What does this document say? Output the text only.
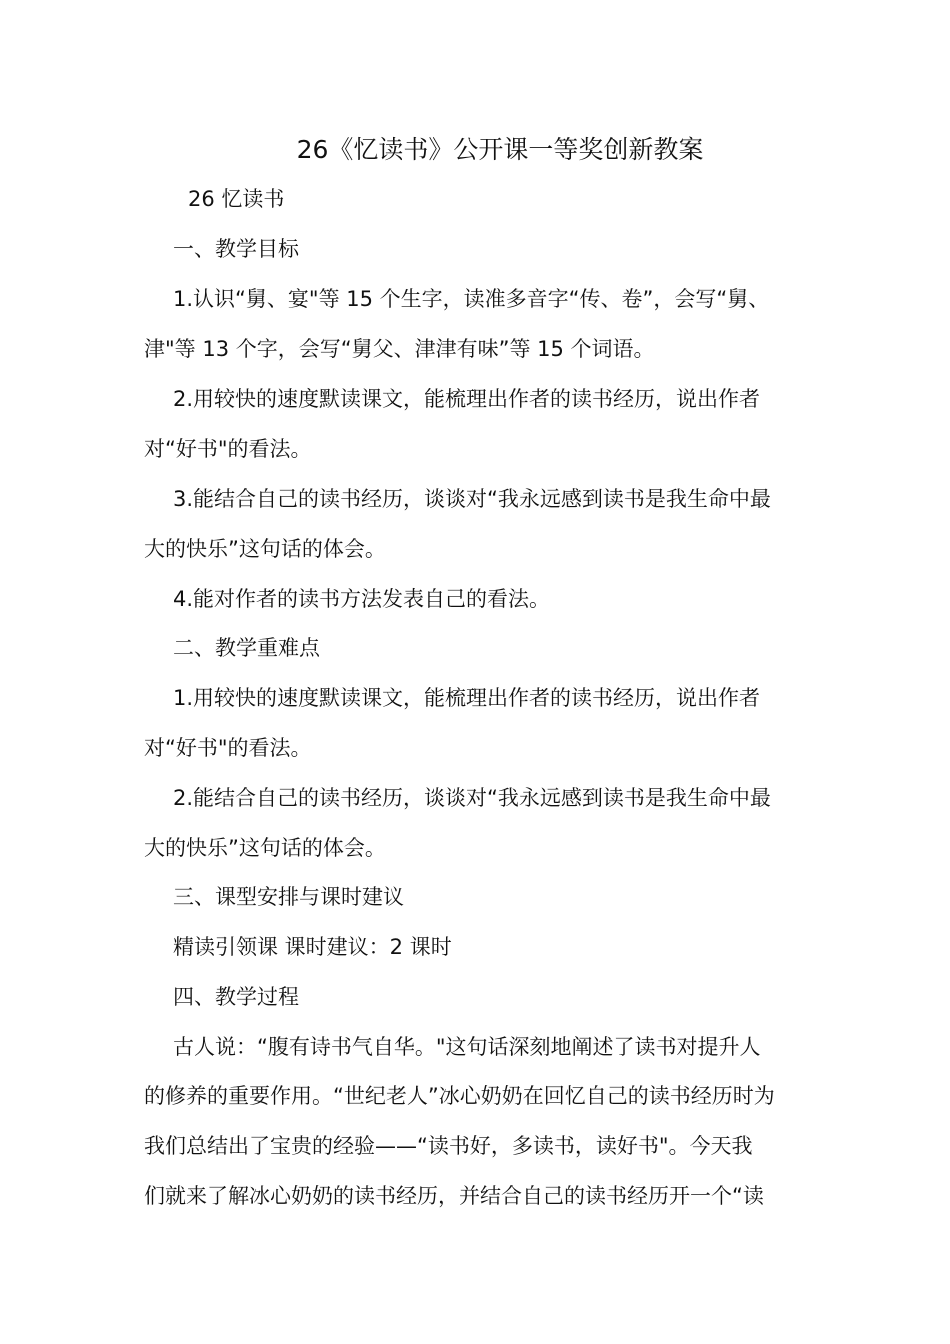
26《忆读书》公开课一等奖创新教案
26 忆读书
一、教学目标
1.认识“舅、宴"等 15 个生字，读准多音字“传、卷”，会写“舅、
津"等 13 个字，会写“舅父、津津有味”等 15 个词语。
2.用较快的速度默读课文，能梳理出作者的读书经历，说出作者
对“好书"的看法。
3.能结合自己的读书经历，谈谈对“我永远感到读书是我生命中最
大的快乐”这句话的体会。
4.能对作者的读书方法发表自己的看法。
二、教学重难点
1.用较快的速度默读课文，能梳理出作者的读书经历，说出作者
对“好书"的看法。
2.能结合自己的读书经历，谈谈对“我永远感到读书是我生命中最
大的快乐”这句话的体会。
三、课型安排与课时建议
精读引领课 课时建议：2 课时
四、教学过程
古人说：“腹有诗书气自华。"这句话深刻地阐述了读书对提升人
的修养的重要作用。“世纪老人”冰心奶奶在回忆自己的读书经历时为
我们总结出了宝贵的经验——“读书好，多读书，读好书"。今天我
们就来了解冰心奶奶的读书经历，并结合自己的读书经历开一个“读
